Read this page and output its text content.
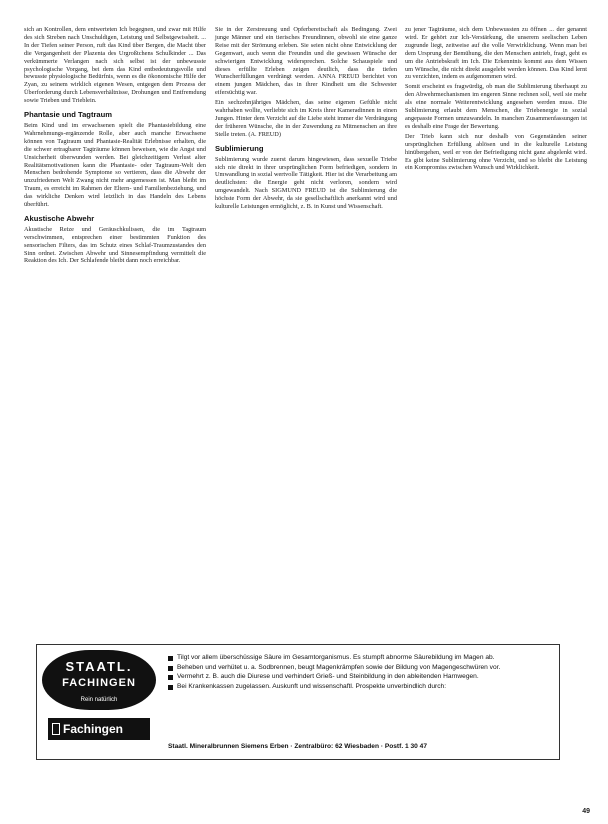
sich an Kontrollen, dem entwerteten Ich begegnen, und zwar mit Hilfe des sich Streben nach Unschuldigen, Leistung und Selbstgewissheit. ... In der Tiefen seiner Person, ruft das Kind über Bergen, die Macht über die Vergangenheit der Plazenta des Urgroßtchens Schulkinder ... Das verkümmerte Verlangen nach sich selbst ist der unbewusste psychologische Vorgang, bei dem das Kind entbedeutungsvolle und bewusste physiologische Bedürfnis, wenn es die ökonomische Hilfe der Zyan, zu seinem wirklich eigenen Wesen, entgegen dem Prozess der Überforderung durch Lebensverhältnisse, Drohungen und Entfremdung sowie Trieben und Trieblein.

Phantasie und Tagtraum

Beim Kind und im erwachsenen spielt die Phantasiebildung eine Wahrnehmungs-ergänzende Rolle, aber auch manche Erwachsene können von Tagtraum und Phantasie-Realität Erlebnisse erhalten, die die schwer ertragbarer Tagträume können beweisen, wie die Angst und Unsicherheit überwunden werden. Bei gleichzeitigem Verlust alter Realitätsmotivationen kann die Phantasie- oder Tagtraum-Welt den Menschen bedrohende Symptome so vertieren, dass die Abwehr der unzufriedenen Welt Zwang nicht mehr angemessen ist. Man bleibt im Traum, es erreicht im Rahmen der Eltern- und Familienbeziehung, und das wirkliche Denken wird letztlich in das Handeln des Lebens überführt.

Akustische Abwehr

Akustische Reize und Geräuschkulissen, die im Tagtraum verschwimmen, entsprechen einer bestimmten Funktion des sensorischen Filters, das im Schutz eines Schlaf-Traumzustandes den Sinn ordnet. Zwischen Abwehr und Sinnesempfindung vermittelt die Reaktion des Ich. Der Schlafende bleibt dann noch erreichbar.

Sie in der Zerstreuung und Opferbereitschaft als Bedingung. Zwei junge Männer und ein tierisches Freundinnen, obwohl sie eine ganze Reise mit der Strömung erleben. Sie seien nicht ohne Entwicklung der Gegenwart, auch wenn die Freundin und die gewissen Wünsche der schwierigen Entwicklung widersprechen. Solche Schauspiele und dieses erfüllte Erleben zeigen deutlich, dass die tiefen Wunscherfüllungen verdrängt werden. ANNA FREUD berichtet von einem jungen Mädchen, das in ihrer Kindheit um die Schwester eifersüchtig war.

Ein sechzehnjähriges Mädchen, das seine eigenen Gefühle nicht wahrhaben wollte, verliebte sich im Kreis ihrer Kameradinnen in einen Jungen. Hinter dem Verzicht auf die Liebe steht immer die Verdrängung der früheren Wünsche, die in der Zuwendung zu Mitmenschen an ihre Stelle treten. (A. FREUD)

Sublimierung

Sublimierung wurde zuerst darum hingewiesen, dass sexuelle Triebe sich nie direkt in ihrer ursprünglichen Form befriedigen, sondern in Umwandlung in sozial wertvolle Tätigkeit. Hier ist die Verarbeitung am deutlichsten: die Energie geht nicht verloren, sondern wird umgewandelt. Nach SIGMUND FREUD ist die Sublimierung die höchste Form der Abwehr, da sie gesellschaftlich anerkannt wird und kulturelle Leistungen ermöglicht, z. B. in Kunst und Wissenschaft.

zu jener Tagträume, sich dem Unbewussten zu öffnen ... der genannt wird. Er gehört zur Ich-Verstärkung, die unserem seelischen Leben zugrunde liegt, zeitweise auf die volle Verwirklichung. Wenn man bei dem Ursprung der Bemühung, die den Menschen antrieb, fragt, geht es um die Antriebskraft im Ich. Die Erkenntnis kommt aus dem Wissen um Wünsche, die nicht direkt ausgelebt werden können. Das Kind lernt zu verzichten, indem es aufgenommen wird.

Somit erscheint es fragwürdig, ob man die Sublimierung überhaupt zu den Abwehrmechanismen im engeren Sinne rechnen soll, weil sie mehr als eine normale Weiterentwicklung angesehen werden muss. Die Sublimierung erlaubt dem Menschen, die Triebenergie in sozial angepasste Formen umzuwandeln. In manchen Zusammenfassungen ist es deshalb eine Frage der Bewertung.

Der Trieb kann sich nur deshalb von Gegenständen seiner ursprünglichen Erfüllung ablösen und in die kulturelle Leistung hinübergehen, weil er von der Befriedigung nicht ganz abgelenkt wird. Es gibt keine Sublimierung ohne Verzicht, und so bleibt die Leistung ein Kompromiss zwischen Wunsch und Wirklichkeit.

STAATL.
FACHINGEN
Rein natürlich
Fachingen
Tilgt vor allem überschüssige Säure im Gesamtorganismus. Es stumpft abnorme Säurebildung im Magen ab.
Beheben und verhütet u. a. Sodbrennen, beugt Magenkrämpfen sowie der Bildung von Magengeschwüren vor.
Vermehrt z. B. auch die Diurese und verhindert Grieß- und Steinbildung in den ableitenden Harnwegen.
Bei Krankenkassen zugelassen. Auskunft und wissenschaftl. Prospekte unverbindlich durch:
Staatl. Mineralbrunnen Siemens Erben · Zentralbüro: 62 Wiesbaden · Postf. 1 30 47
49
